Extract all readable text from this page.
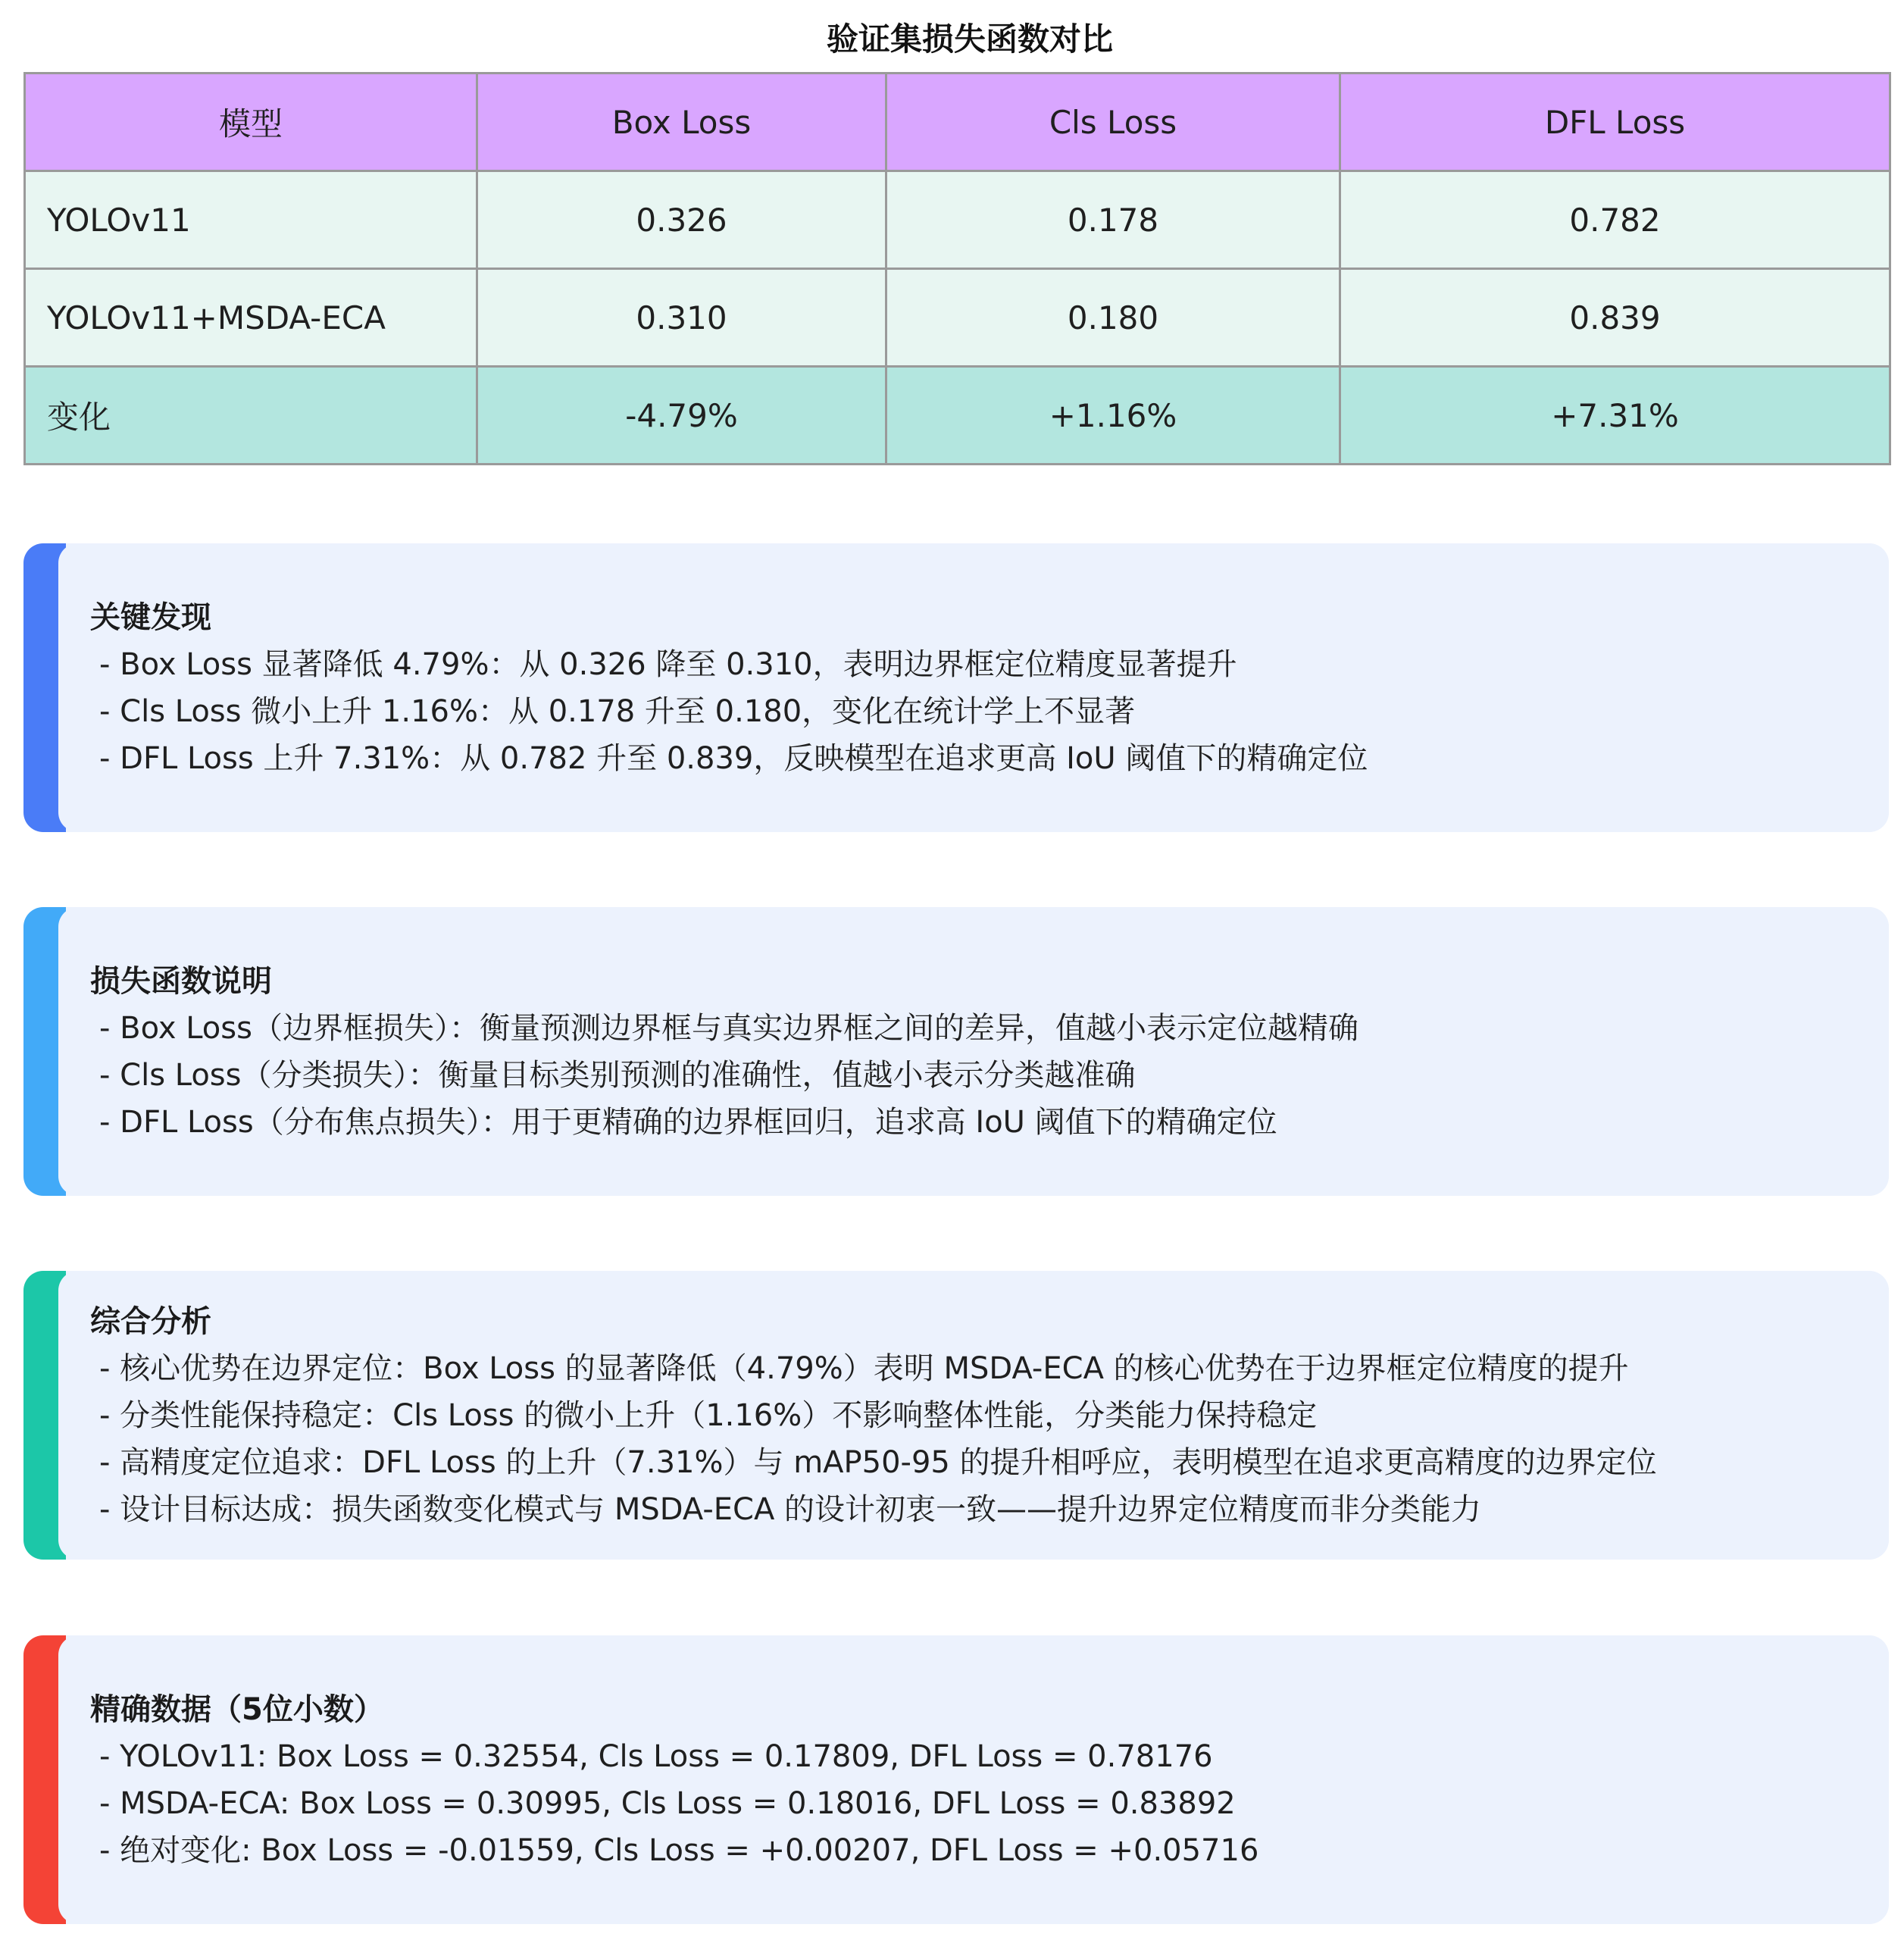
验证集损失函数对比
模型	Box Loss	Cls Loss	DFL Loss
YOLOv11	0.326	0.178	0.782
YOLOv11+MSDA-ECA	0.310	0.180	0.839
变化	-4.79%	+1.16%	+7.31%
关键发现
- Box Loss 显著降低 4.79%：从 0.326 降至 0.310，表明边界框定位精度显著提升
- Cls Loss 微小上升 1.16%：从 0.178 升至 0.180，变化在统计学上不显著
- DFL Loss 上升 7.31%：从 0.782 升至 0.839，反映模型在追求更高 IoU 阈值下的精确定位
损失函数说明
- Box Loss（边界框损失）：衡量预测边界框与真实边界框之间的差异，值越小表示定位越精确
- Cls Loss（分类损失）：衡量目标类别预测的准确性，值越小表示分类越准确
- DFL Loss（分布焦点损失）：用于更精确的边界框回归，追求高 IoU 阈值下的精确定位
综合分析
- 核心优势在边界定位：Box Loss 的显著降低（4.79%）表明 MSDA-ECA 的核心优势在于边界框定位精度的提升
- 分类性能保持稳定：Cls Loss 的微小上升（1.16%）不影响整体性能，分类能力保持稳定
- 高精度定位追求：DFL Loss 的上升（7.31%）与 mAP50-95 的提升相呼应，表明模型在追求更高精度的边界定位
- 设计目标达成：损失函数变化模式与 MSDA-ECA 的设计初衷一致——提升边界定位精度而非分类能力
精确数据（5位小数）
- YOLOv11: Box Loss = 0.32554, Cls Loss = 0.17809, DFL Loss = 0.78176
- MSDA-ECA: Box Loss = 0.30995, Cls Loss = 0.18016, DFL Loss = 0.83892
- 绝对变化: Box Loss = -0.01559, Cls Loss = +0.00207, DFL Loss = +0.05716
